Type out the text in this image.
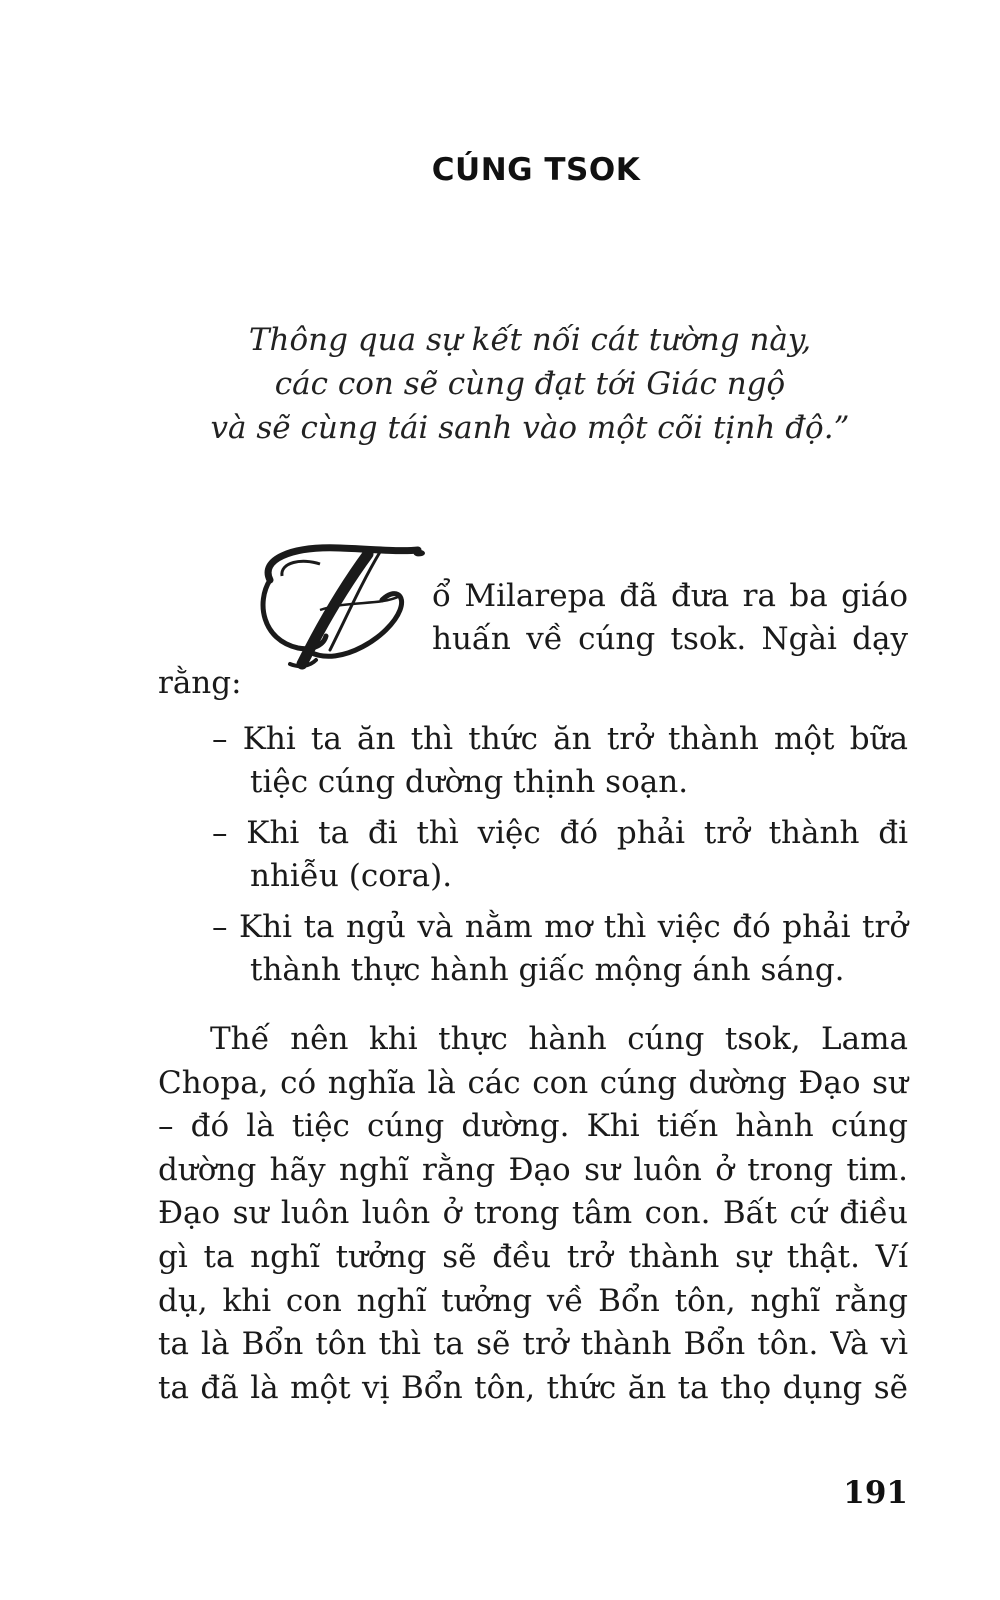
CÚNG TSOK
Thông qua sự kết nối cát tường này,
các con sẽ cùng đạt tới Giác ngộ
và sẽ cùng tái sanh vào một cõi tịnh độ.”
ổ Milarepa đã đưa ra ba giáo
huấn về cúng tsok. Ngài dạy
rằng:
– Khi ta ăn thì thức ăn trở thành một bữa
tiệc cúng dường thịnh soạn.
– Khi ta đi thì việc đó phải trở thành đi
nhiễu (cora).
– Khi ta ngủ và nằm mơ thì việc đó phải trở
thành thực hành giấc mộng ánh sáng.
Thế nên khi thực hành cúng tsok, Lama
Chopa, có nghĩa là các con cúng dường Đạo sư
– đó là tiệc cúng dường. Khi tiến hành cúng
dường hãy nghĩ rằng Đạo sư luôn ở trong tim.
Đạo sư luôn luôn ở trong tâm con. Bất cứ điều
gì ta nghĩ tưởng sẽ đều trở thành sự thật. Ví
dụ, khi con nghĩ tưởng về Bổn tôn, nghĩ rằng
ta là Bổn tôn thì ta sẽ trở thành Bổn tôn. Và vì
ta đã là một vị Bổn tôn, thức ăn ta thọ dụng sẽ
191
